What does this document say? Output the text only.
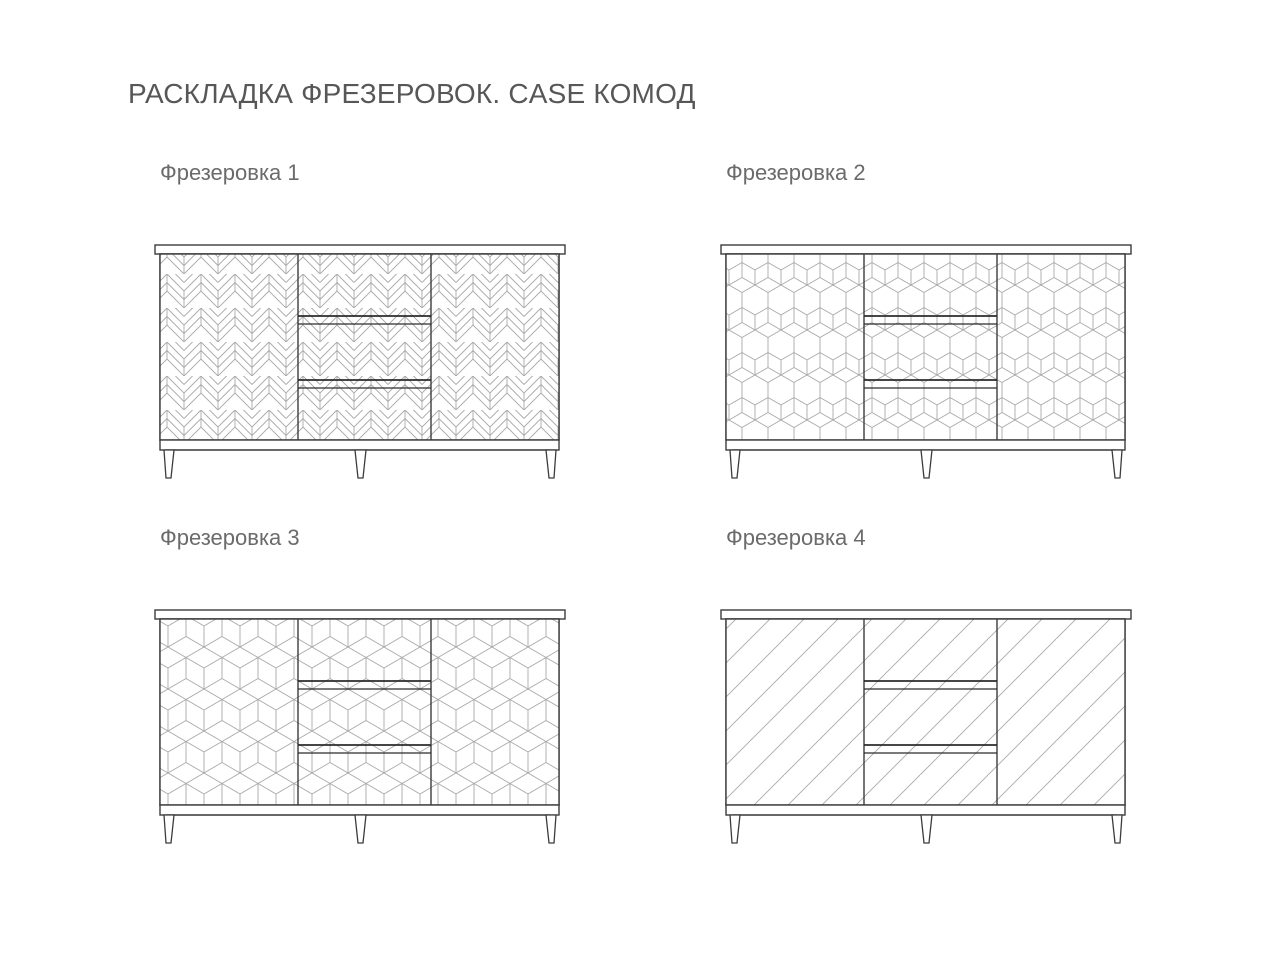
РАСКЛАДКА ФРЕЗЕРОВОК. CASE КОМОД
Фрезеровка 1	Фрезеровка 2
Фрезеровка 3	Фрезеровка 4
